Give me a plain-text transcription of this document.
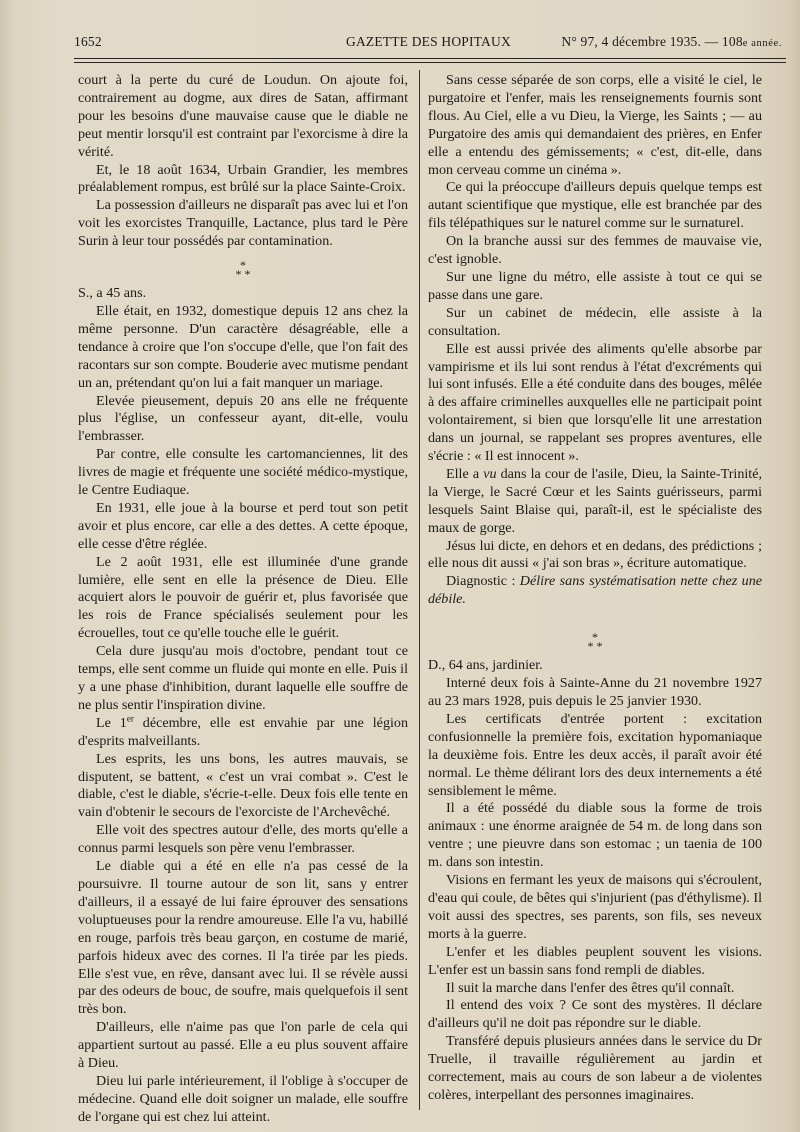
1652	GAZETTE DES HOPITAUX	N° 97, 4 décembre 1935. — 108e année.

court à la perte du curé de Loudun. On ajoute foi, contrairement au dogme, aux dires de Satan, affirmant pour les besoins d'une mauvaise cause que le diable ne peut mentir lorsqu'il est contraint par l'exorcisme à dire la vérité.

Et, le 18 août 1634, Urbain Grandier, les membres préalablement rompus, est brûlé sur la place Sainte-Croix.

La possession d'ailleurs ne disparaît pas avec lui et l'on voit les exorcistes Tranquille, Lactance, plus tard le Père Surin à leur tour possédés par contamination.

*
* *

S., a 45 ans.

Elle était, en 1932, domestique depuis 12 ans chez la même personne. D'un caractère désagréable, elle a tendance à croire que l'on s'occupe d'elle, que l'on fait des racontars sur son compte. Bouderie avec mutisme pendant un an, prétendant qu'on lui a fait manquer un mariage.

Elevée pieusement, depuis 20 ans elle ne fréquente plus l'église, un confesseur ayant, dit-elle, voulu l'embrasser.

Par contre, elle consulte les cartomanciennes, lit des livres de magie et fréquente une société médico-mystique, le Centre Eudiaque.

En 1931, elle joue à la bourse et perd tout son petit avoir et plus encore, car elle a des dettes. A cette époque, elle cesse d'être réglée.

Le 2 août 1931, elle est illuminée d'une grande lumière, elle sent en elle la présence de Dieu. Elle acquiert alors le pouvoir de guérir et, plus favorisée que les rois de France spécialisés seulement pour les écrouelles, tout ce qu'elle touche elle le guérit.

Cela dure jusqu'au mois d'octobre, pendant tout ce temps, elle sent comme un fluide qui monte en elle. Puis il y a une phase d'inhibition, durant laquelle elle souffre de ne plus sentir l'inspiration divine.

Le 1er décembre, elle est envahie par une légion d'esprits malveillants.

Les esprits, les uns bons, les autres mauvais, se disputent, se battent, « c'est un vrai combat ». C'est le diable, c'est le diable, s'écrie-t-elle. Deux fois elle tente en vain d'obtenir le secours de l'exorciste de l'Archevêché.

Elle voit des spectres autour d'elle, des morts qu'elle a connus parmi lesquels son père venu l'embrasser.

Le diable qui a été en elle n'a pas cessé de la poursuivre. Il tourne autour de son lit, sans y entrer d'ailleurs, il a essayé de lui faire éprouver des sensations voluptueuses pour la rendre amoureuse. Elle l'a vu, habillé en rouge, parfois très beau garçon, en costume de marié, parfois hideux avec des cornes. Il l'a tirée par les pieds. Elle s'est vue, en rêve, dansant avec lui. Il se révèle aussi par des odeurs de bouc, de soufre, mais quelquefois il sent très bon.

D'ailleurs, elle n'aime pas que l'on parle de cela qui appartient surtout au passé. Elle a eu plus souvent affaire à Dieu.

Dieu lui parle intérieurement, il l'oblige à s'occuper de médecine. Quand elle doit soigner un malade, elle souffre de l'organe qui est chez lui atteint.

Sans cesse séparée de son corps, elle a visité le ciel, le purgatoire et l'enfer, mais les renseignements fournis sont flous. Au Ciel, elle a vu Dieu, la Vierge, les Saints ; — au Purgatoire des amis qui demandaient des prières, en Enfer elle a entendu des gémissements; « c'est, dit-elle, dans mon cerveau comme un cinéma ».

Ce qui la préoccupe d'ailleurs depuis quelque temps est autant scientifique que mystique, elle est branchée par des fils télépathiques sur le naturel comme sur le surnaturel.

On la branche aussi sur des femmes de mauvaise vie, c'est ignoble.

Sur une ligne du métro, elle assiste à tout ce qui se passe dans une gare.

Sur un cabinet de médecin, elle assiste à la consultation.

Elle est aussi privée des aliments qu'elle absorbe par vampirisme et ils lui sont rendus à l'état d'excréments qui lui sont infusés. Elle a été conduite dans des bouges, mêlée à des affaire criminelles auxquelles elle ne participait point volontairement, si bien que lorsqu'elle lit une arrestation dans un journal, se rappelant ses propres aventures, elle s'écrie : « Il est innocent ».

Elle a vu dans la cour de l'asile, Dieu, la Sainte-Trinité, la Vierge, le Sacré Cœur et les Saints guérisseurs, parmi lesquels Saint Blaise qui, paraît-il, est le spécialiste des maux de gorge.

Jésus lui dicte, en dehors et en dedans, des prédictions ; elle nous dit aussi « j'ai son bras », écriture automatique.

Diagnostic : Délire sans systématisation nette chez une débile.

*
* *

D., 64 ans, jardinier.

Interné deux fois à Sainte-Anne du 21 novembre 1927 au 23 mars 1928, puis depuis le 25 janvier 1930.

Les certificats d'entrée portent : excitation confusionnelle la première fois, excitation hypomaniaque la deuxième fois. Entre les deux accès, il paraît avoir été normal. Le thème délirant lors des deux internements a été sensiblement le même.

Il a été possédé du diable sous la forme de trois animaux : une énorme araignée de 54 m. de long dans son ventre ; une pieuvre dans son estomac ; un taenia de 100 m. dans son intestin.

Visions en fermant les yeux de maisons qui s'écroulent, d'eau qui coule, de bêtes qui s'injurient (pas d'éthylisme). Il voit aussi des spectres, ses parents, son fils, ses neveux morts à la guerre.

L'enfer et les diables peuplent souvent les visions. L'enfer est un bassin sans fond rempli de diables.

Il suit la marche dans l'enfer des êtres qu'il connaît.

Il entend des voix ? Ce sont des mystères. Il déclare d'ailleurs qu'il ne doit pas répondre sur le diable.

Transféré depuis plusieurs années dans le service du Dr Truelle, il travaille régulièrement au jardin et correctement, mais au cours de son labeur a de violentes colères, interpellant des personnes imaginaires.
